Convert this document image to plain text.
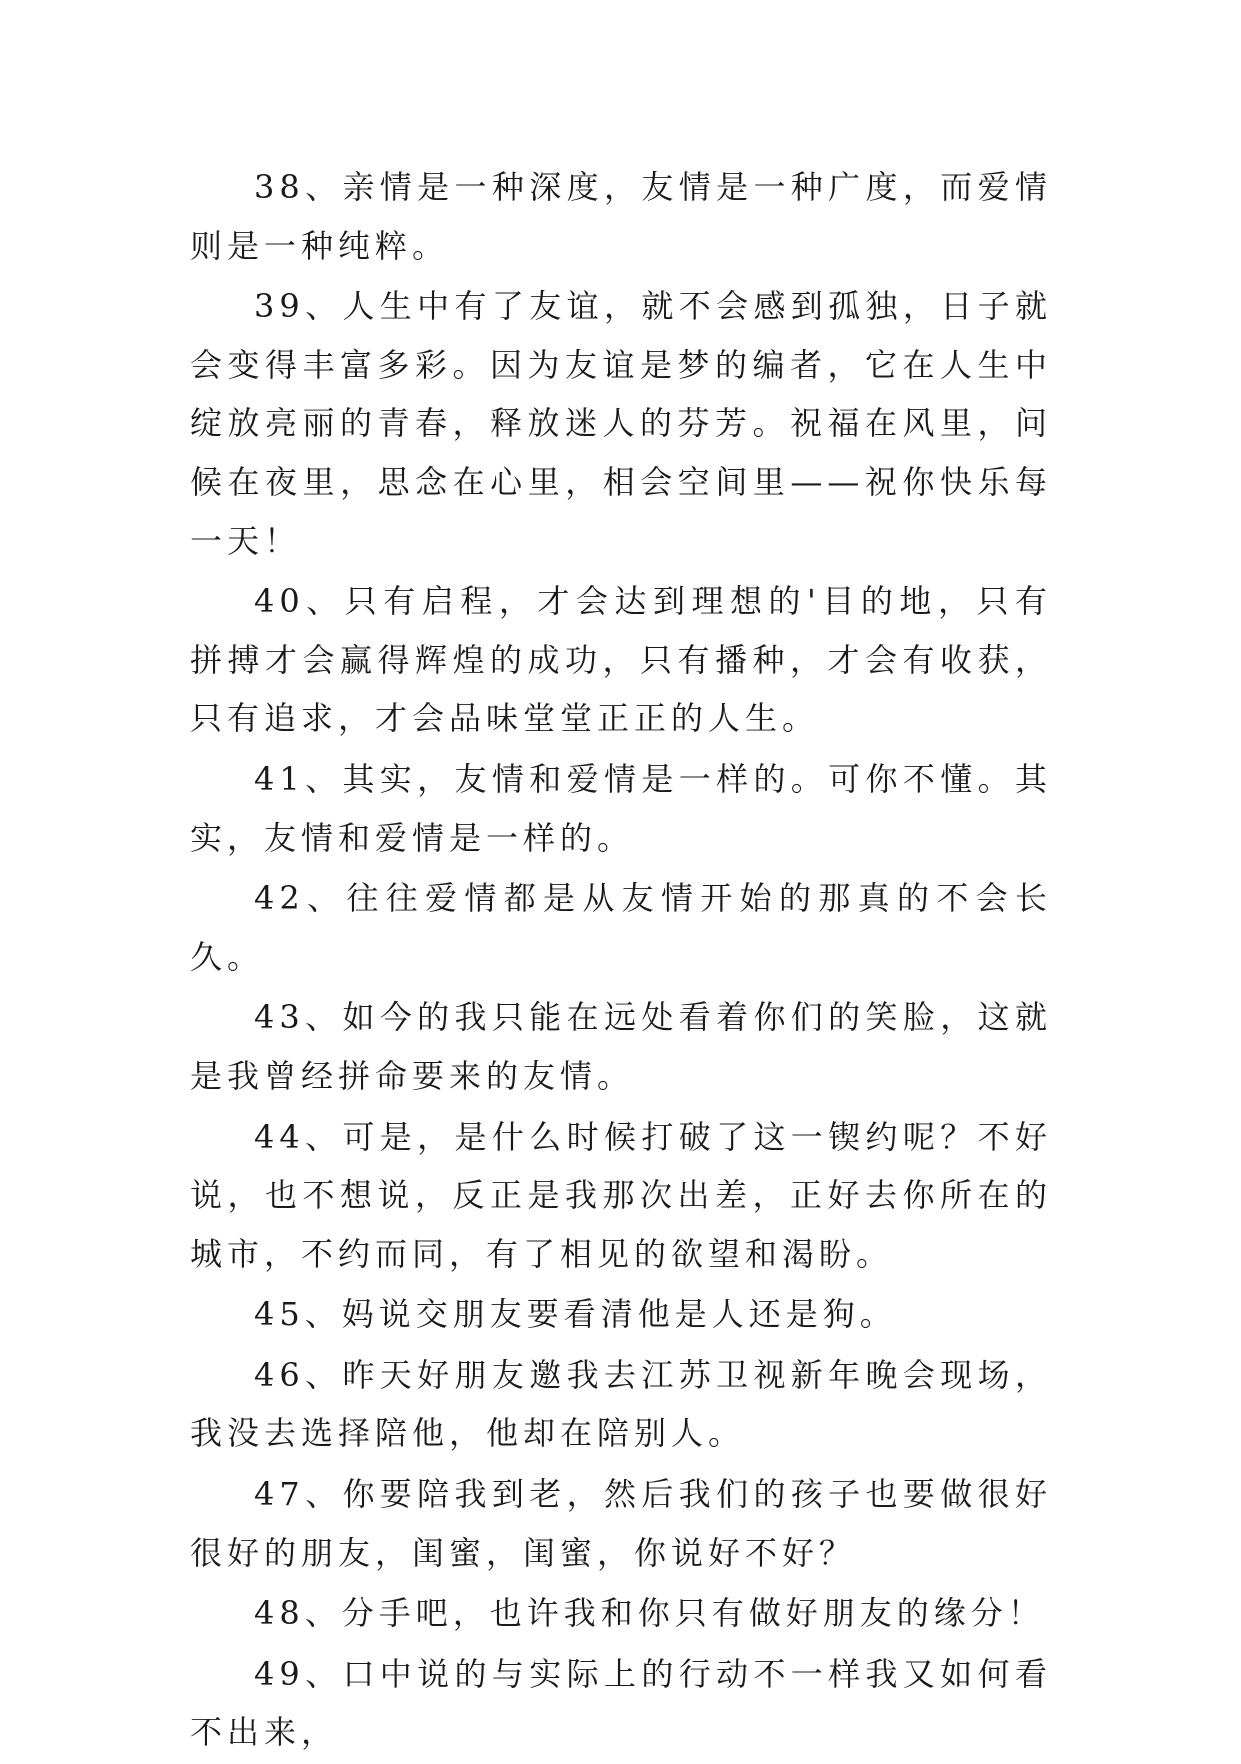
38、亲情是一种深度，友情是一种广度，而爱情则是一种纯粹。

39、人生中有了友谊，就不会感到孤独，日子就会变得丰富多彩。因为友谊是梦的编者，它在人生中绽放亮丽的青春，释放迷人的芬芳。祝福在风里，问候在夜里，思念在心里，相会空间里——祝你快乐每一天！

40、只有启程，才会达到理想的'目的地，只有拼搏才会赢得辉煌的成功，只有播种，才会有收获，只有追求，才会品味堂堂正正的人生。

41、其实，友情和爱情是一样的。可你不懂。其实，友情和爱情是一样的。

42、往往爱情都是从友情开始的那真的不会长久。

43、如今的我只能在远处看着你们的笑脸，这就是我曾经拼命要来的友情。

44、可是，是什么时候打破了这一锲约呢？不好说，也不想说，反正是我那次出差，正好去你所在的城市，不约而同，有了相见的欲望和渴盼。

45、妈说交朋友要看清他是人还是狗。

46、昨天好朋友邀我去江苏卫视新年晚会现场，我没去选择陪他，他却在陪别人。

47、你要陪我到老，然后我们的孩子也要做很好很好的朋友，闺蜜，闺蜜，你说好不好？

48、分手吧，也许我和你只有做好朋友的缘分！

49、口中说的与实际上的行动不一样我又如何看不出来，
